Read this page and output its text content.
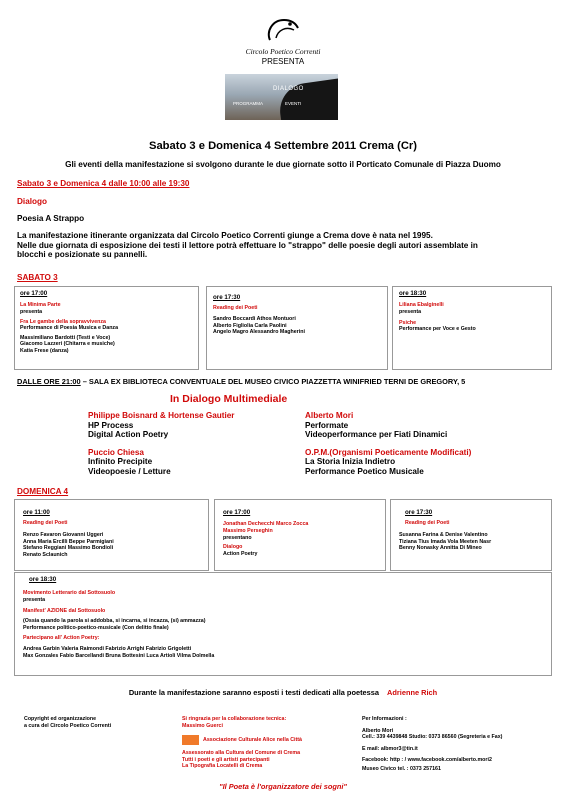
Circolo Poetico Correnti
PRESENTA
DIALOGO
PROGRAMMA	EVENTI
Sabato 3 e Domenica 4 Settembre 2011 Crema (Cr)
Gli eventi della manifestazione si svolgono durante le due giornate sotto il Porticato Comunale di Piazza Duomo
Sabato 3 e Domenica 4 dalle 10:00 alle 19:30
Dialogo
Poesia A Strappo
La manifestazione itinerante organizzata dal Circolo Poetico Correnti giunge a Crema dove è nata nel 1995.
Nelle due giornata di esposizione dei testi il lettore potrà effettuare lo "strappo" delle poesie degli autori assemblate in
blocchi e posizionate su pannelli.
SABATO 3
ore 17:00
La Minima Parte
presenta
Fra Le gambe della sopravvivenza
Performance di Poesia Musica e Danza
Massimiliano Bardotti (Testi e Voce)
Giacomo Lazzeri (Chitarra e musiche)
Katia Frese (danza)
ore 17:30
Reading dei Poeti
Sandro Boccardi Athos Montuori
Alberto Figliolia Carla Paolini
Angelo Magro Alessandro Magherini
ore 18:30
Liliana Ebalginelli
presenta
Psiche
Performance per Voce e Gesto
DALLE ORE 21:00 – SALA EX BIBLIOTECA CONVENTUALE DEL MUSEO CIVICO PIAZZETTA WINIFRIED TERNI DE GREGORY, 5
In Dialogo Multimediale
Philippe Boisnard & Hortense Gautier
HP Process
Digital Action Poetry
Puccio Chiesa
Infinito Precipite
Videopoesie / Letture
Alberto Mori
Performate
Videoperformance per Fiati Dinamici
O.P.M.(Organismi Poeticamente Modificati)
La Storia Inizia Indietro
Performance Poetico Musicale
DOMENICA 4
ore 11:00
Reading dei Poeti
Renzo Favaron Giovanni Uggeri
Anna Maria Ercilli Beppe Parmigiani
Stefano Reggiani Massimo Bondioli
Renato Sclaunich
ore 17:00
Jonathan Dechecchi Marco Zocca
Massimo Perseghin
presentano
Dialogo
Action Poetry
ore 17:30
Reading dei Poeti
Susanna Farina & Denise Valentino
Tiziana Tius Imada Vola Meeten Nasr
Benny Nonasky Annitta Di Mineo
ore 18:30
Movimento Letterario dal Sottosuolo
presenta
Manifest' AZIONE dal Sottosuolo
(Ossia quando la parola si addobba, si incarna, si incazza, (si) ammazza)
Performance politico-poetico-musicale (Con delitto finale)
Partecipano all' Action Poetry:
Andrea Garbin Valeria Raimondi Fabrizio Arrighi Fabrizio Grigoletti
Max Gonzales Fabio Barcellandi Bruna Bottesini Luca Artioli Vilma Dolmella
Durante la manifestazione saranno esposti i testi dedicati alla poetessa Adrienne Rich
Copyright ed organizzazione
a cura del Circolo Poetico Correnti
Si ringrazia per la collaborazione tecnica:
Massimo Guerci
Associazione Culturale Alice nella Città
Assessorato alla Cultura del Comune di Crema
Tutti i poeti e gli artisti partecipanti
La Tipografia Locatelli di Crema
Per Informazioni :
Alberto Mori
Cell.: 339 4439848 Studio: 0373 86560 (Segreteria e Fax)
E mail: albmor3@tin.it
Facebook: http : / www.facebook.com/alberto.mori2
Museo Civico tel. : 0373 257161
"Il Poeta è l'organizzatore dei sogni"
